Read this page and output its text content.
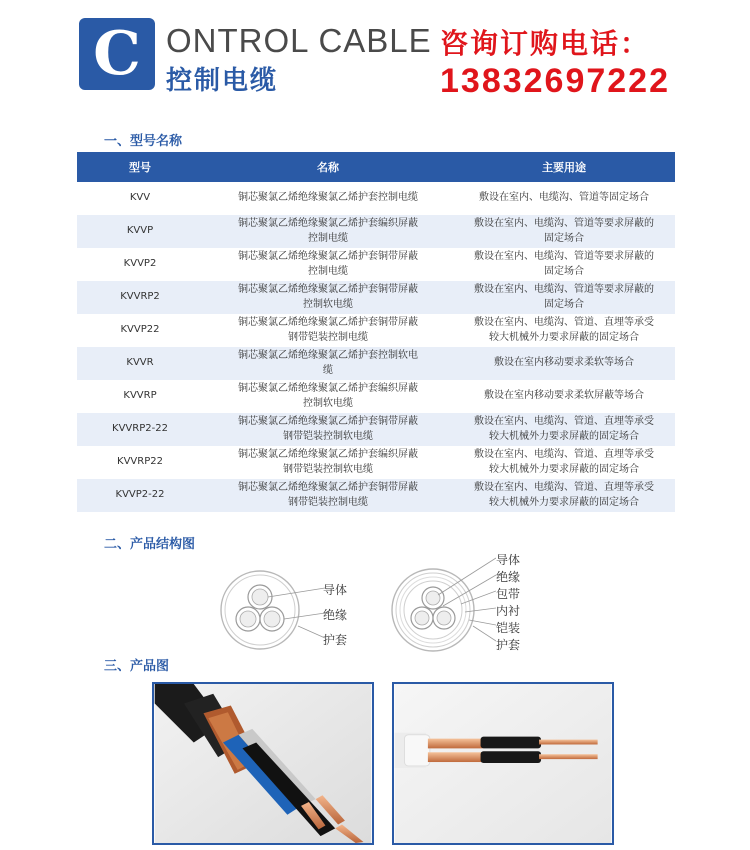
C ONTROL CABLE
控制电缆
咨询订购电话：
13832697222
一、型号名称
型号	名称	主要用途
KVV	铜芯聚氯乙烯绝缘聚氯乙烯护套控制电缆	敷设在室内、电缆沟、管道等固定场合
KVVP	铜芯聚氯乙烯绝缘聚氯乙烯护套编织屏蔽控制电缆	敷设在室内、电缆沟、管道等要求屏蔽的固定场合
KVVP2	铜芯聚氯乙烯绝缘聚氯乙烯护套铜带屏蔽控制电缆	敷设在室内、电缆沟、管道等要求屏蔽的固定场合
KVVRP2	铜芯聚氯乙烯绝缘聚氯乙烯护套铜带屏蔽控制软电缆	敷设在室内、电缆沟、管道等要求屏蔽的固定场合
KVVP22	铜芯聚氯乙烯绝缘聚氯乙烯护套铜带屏蔽钢带铠装控制电缆	敷设在室内、电缆沟、管道、直埋等承受较大机械外力要求屏蔽的固定场合
KVVR	铜芯聚氯乙烯绝缘聚氯乙烯护套控制软电缆	敷设在室内移动要求柔软等场合
KVVRP	铜芯聚氯乙烯绝缘聚氯乙烯护套编织屏蔽控制软电缆	敷设在室内移动要求柔软屏蔽等场合
KVVRP2-22	铜芯聚氯乙烯绝缘聚氯乙烯护套铜带屏蔽钢带铠装控制软电缆	敷设在室内、电缆沟、管道、直埋等承受较大机械外力要求屏蔽的固定场合
KVVRP22	铜芯聚氯乙烯绝缘聚氯乙烯护套编织屏蔽钢带铠装控制软电缆	敷设在室内、电缆沟、管道、直埋等承受较大机械外力要求屏蔽的固定场合
KVVP2-22	铜芯聚氯乙烯绝缘聚氯乙烯护套铜带屏蔽钢带铠装控制电缆	敷设在室内、电缆沟、管道、直埋等承受较大机械外力要求屏蔽的固定场合
二、产品结构图
导体
绝缘
护套
导体
绝缘
包带
内衬
铠装
护套
三、产品图
